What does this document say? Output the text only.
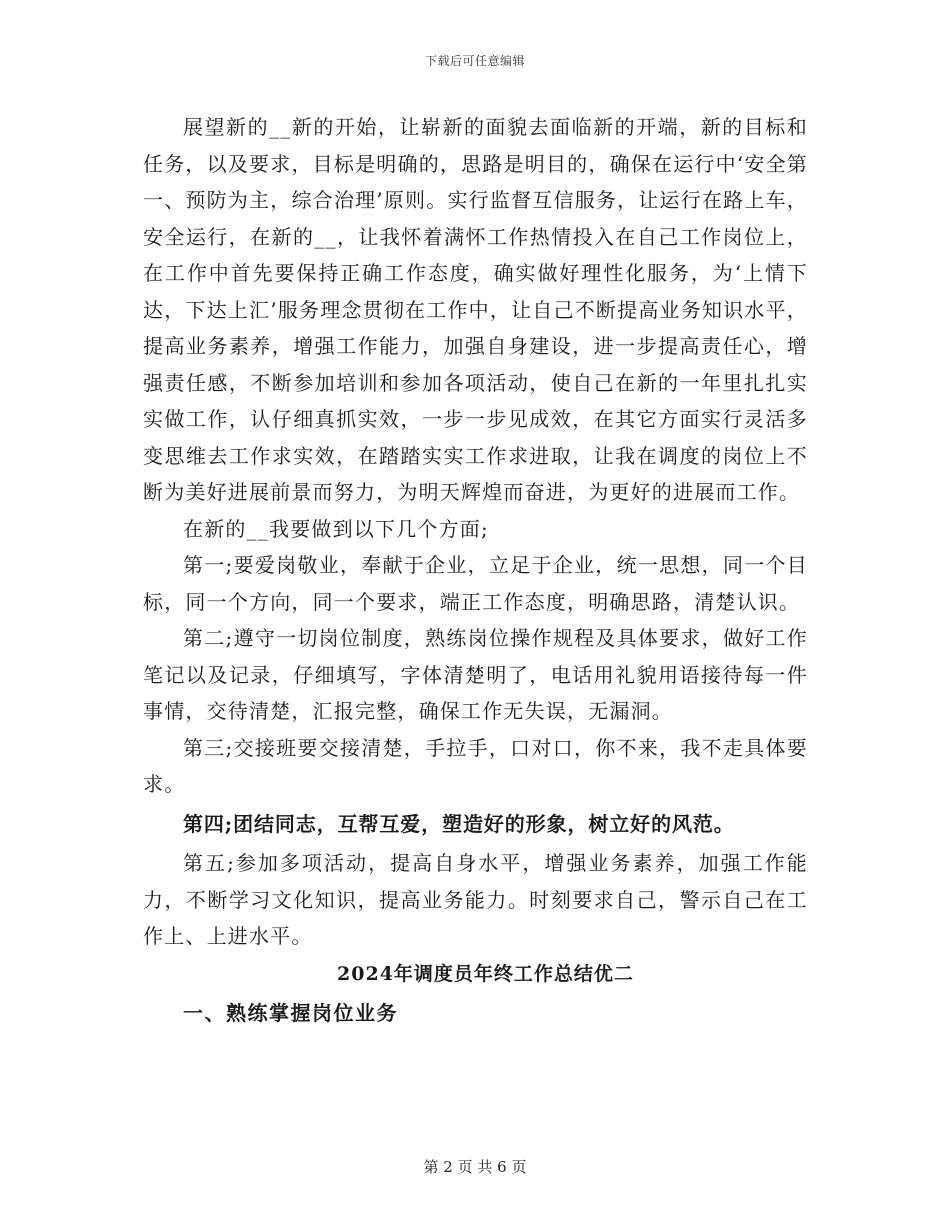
下载后可任意编辑

展望新的__新的开始，让崭新的面貌去面临新的开端，新的目标和任务，以及要求，目标是明确的，思路是明目的，确保在运行中‘安全第一、预防为主，综合治理’原则。实行监督互信服务，让运行在路上车，安全运行，在新的__，让我怀着满怀工作热情投入在自己工作岗位上，在工作中首先要保持正确工作态度，确实做好理性化服务，为‘上情下达，下达上汇’服务理念贯彻在工作中，让自己不断提高业务知识水平，提高业务素养，增强工作能力，加强自身建设，进一步提高责任心，增强责任感，不断参加培训和参加各项活动，使自己在新的一年里扎扎实实做工作，认仔细真抓实效，一步一步见成效，在其它方面实行灵活多变思维去工作求实效，在踏踏实实工作求进取，让我在调度的岗位上不断为美好进展前景而努力，为明天辉煌而奋进，为更好的进展而工作。

在新的__我要做到以下几个方面;

第一;要爱岗敬业，奉献于企业，立足于企业，统一思想，同一个目标，同一个方向，同一个要求，端正工作态度，明确思路，清楚认识。

第二;遵守一切岗位制度，熟练岗位操作规程及具体要求，做好工作笔记以及记录，仔细填写，字体清楚明了，电话用礼貌用语接待每一件事情，交待清楚，汇报完整，确保工作无失误，无漏洞。

第三;交接班要交接清楚，手拉手，口对口，你不来，我不走具体要求。

第四;团结同志，互帮互爱，塑造好的形象，树立好的风范。

第五;参加多项活动，提高自身水平，增强业务素养，加强工作能力，不断学习文化知识，提高业务能力。时刻要求自己，警示自己在工作上、上进水平。

2024年调度员年终工作总结优二
一、熟练掌握岗位业务
第 2 页 共 6 页
